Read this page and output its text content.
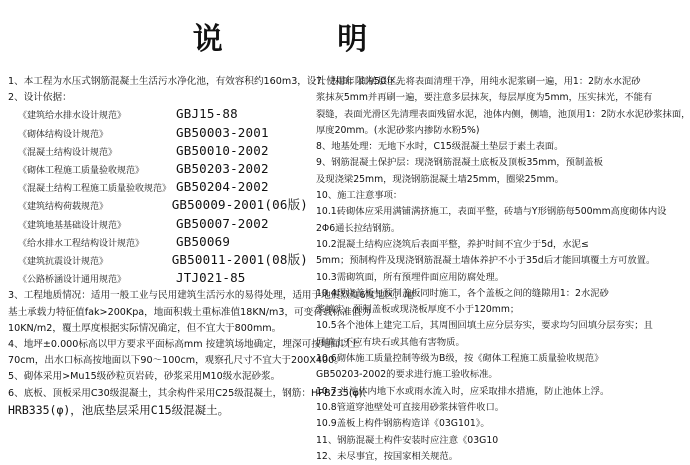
说 明
1、本工程为水压式钢筋混凝土生活污水净化池，有效容积约160m3，设计使用年限为50年。
2、设计依据：
《建筑给水排水设计规范》	GBJ15-88
《砌体结构设计规范》	GB50003-2001
《混凝土结构设计规范》	GB50010-2002
《砌体工程施工质量验收规范》	GB50203-2002
《混凝土结构工程施工质量验收规范》 GB50204-2002
《建筑结构荷载规范》	GB50009-2001(06版)
《建筑地基基础设计规范》	GB50007-2002
《给水排水工程结构设计规范》	GB50069
《建筑抗震设计规范》	GB50011-2001(08版)
《公路桥涵设计通用规范》	JTJ021-85
3、工程地质情况：适用一般工业与民用建筑生活污水的易得处理，适用于地震烈度6度地区，地
基土承载力特征值fak>200Kpa，地面积载土重标准值18KN/m3，可变荷载标准值为
10KN/m2，覆土厚度根据实际情况确定，但不宜大于800mm。
4、地坪±0.000标高以甲方要求平面标高mm 按建筑场地确定，埋深可按地面以上
70cm，出水口标高按地面以下90～100cm，观察孔尺寸不宜大于200X400。
5、砌体采用>Mu15级砂粒页岩砖，砂浆采用M10级水泥砂浆。
6、底板、顶板采用C30级混凝土，其余构件采用C25级混凝土，钢筋：HPB235(φ)、
HRB335(φ)，池底垫层采用C15级混凝土。
7、抹面：面砖层区先将表面清理干净，用纯水泥浆刷一遍，用1：2防水水泥砂
浆抹灰5mm并再刷一遍，要注意多层抹灰，每层厚度为5mm，压实抹光，不能有
裂缝，表面光滑区先清理表面残留水泥，池体内侧，侧墙，池顶用1：2防水水泥砂浆抹面，
厚度20mm。(水泥砂浆内掺防水粉5%)
8、地基处理：无地下水时，C15级混凝土垫层于素土表面。
9、钢筋混凝土保护层：现浇钢筋混凝土底板及顶板35mm，预制盖板
及现浇梁25mm，现浇钢筋混凝土墙25mm，圈梁25mm。
10、施工注意事项：
10.1砖砌体应采用满铺满挤施工，表面平整，砖墙与Y形钢筋每500mm高度砌体内设
2Φ6通长拉结钢筋。
10.2混凝土结构应浇筑后表面平整，养护时间不宜少于5d，水泥≤
5mm；预制构件及现浇钢筋混凝土墙体养护不小于35d后才能回填覆土方可放置。
10.3需砌筑面，所有预埋件面应用防腐处理。
10.4现浇盖板与预制盖板同时施工，各个盖板之间的缝隙用1：2水泥砂
浆填实，预制盖板或现浇板厚度不小于120mm；
10.5各个池体上建完工后，其周围回填土应分层夯实，要求均匀回填分层夯实；且
回填土不应有块石或其他有害物质。
10.6砌体施工质量控制等级为B级，按《砌体工程施工质量验收规范》
GB50203-2002的要求进行施工验收标准。
10.7 当池体内地下水或雨水流入时，应采取排水措施，防止池体上浮。
10.8管道穿池壁处可直接用砂浆抹管件收口。
10.9盖板上构件钢筋构造详《03G101》。
11、钢筋混凝土构件安装时应注意《03G10
12、未尽事宜，按国家相关规范。
